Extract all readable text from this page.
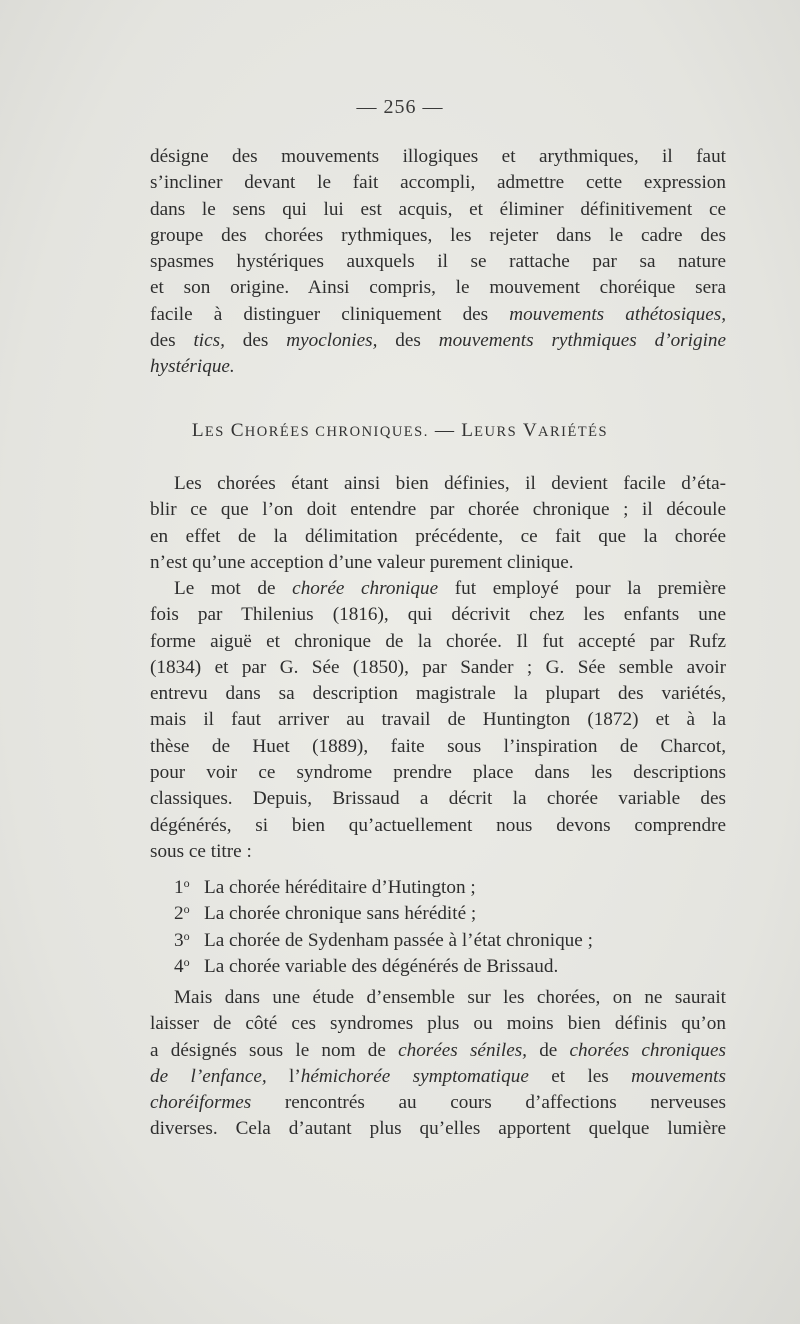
— 256 —
désigne des mouvements illogiques et arythmiques, il faut
s’incliner devant le fait accompli, admettre cette expression
dans le sens qui lui est acquis, et éliminer définitivement ce
groupe des chorées rythmiques, les rejeter dans le cadre des
spasmes hystériques auxquels il se rattache par sa nature
et son origine. Ainsi compris, le mouvement choréique sera
facile à distinguer cliniquement des mouvements athétosiques,
des tics, des myoclonies, des mouvements rythmiques d’origine
hystérique.
LES CHORÉES CHRONIQUES. — LEURS VARIÉTÉS
Les chorées étant ainsi bien définies, il devient facile d’éta-
blir ce que l’on doit entendre par chorée chronique ; il découle
en effet de la délimitation précédente, ce fait que la chorée
n’est qu’une acception d’une valeur purement clinique.
Le mot de chorée chronique fut employé pour la première
fois par Thilenius (1816), qui décrivit chez les enfants une
forme aiguë et chronique de la chorée. Il fut accepté par Rufz
(1834) et par G. Sée (1850), par Sander ; G. Sée semble avoir
entrevu dans sa description magistrale la plupart des variétés,
mais il faut arriver au travail de Huntington (1872) et à la
thèse de Huet (1889), faite sous l’inspiration de Charcot,
pour voir ce syndrome prendre place dans les descriptions
classiques. Depuis, Brissaud a décrit la chorée variable des
dégénérés, si bien qu’actuellement nous devons comprendre
sous ce titre :
1$^o$ La chorée héréditaire d’Hutington ;
2$^o$ La chorée chronique sans hérédité ;
3$^o$ La chorée de Sydenham passée à l’état chronique ;
4$^o$ La chorée variable des dégénérés de Brissaud.
Mais dans une étude d’ensemble sur les chorées, on ne saurait
laisser de côté ces syndromes plus ou moins bien définis qu’on
a désignés sous le nom de chorées séniles, de chorées chroniques
de l’enfance, l’hémichorée symptomatique et les mouvements
choréiformes rencontrés au cours d’affections nerveuses
diverses. Cela d’autant plus qu’elles apportent quelque lumière
